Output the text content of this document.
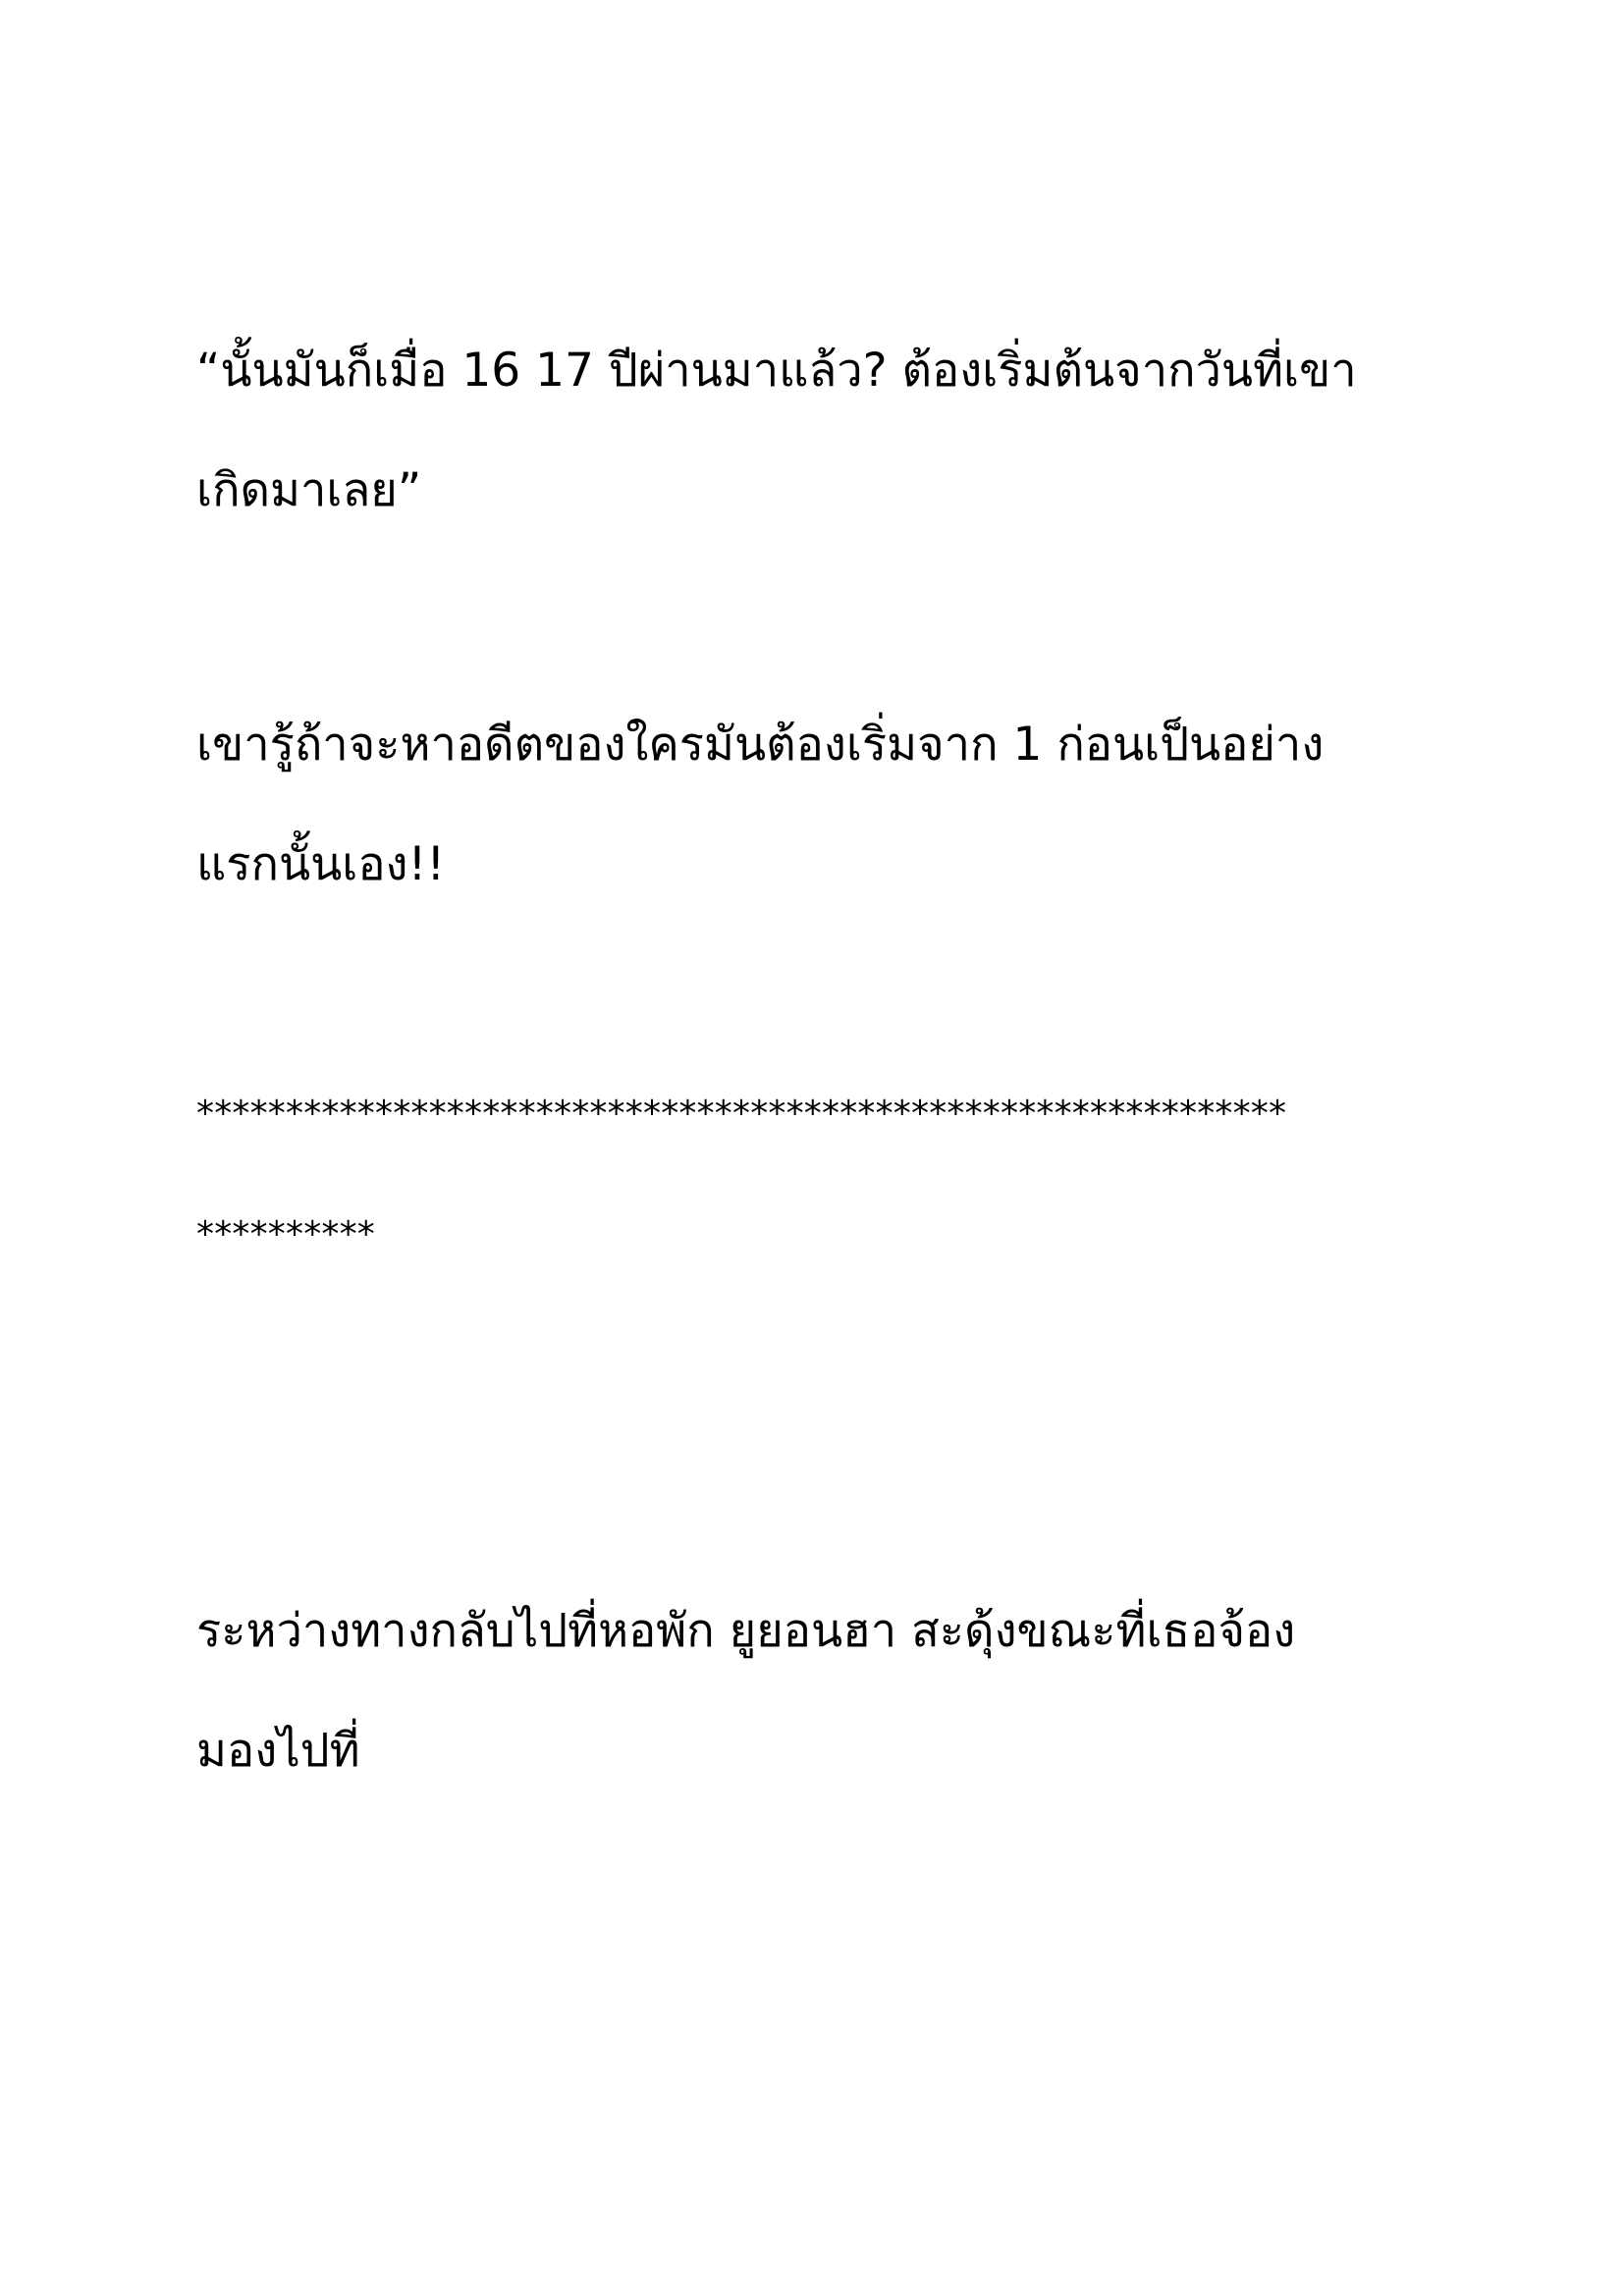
“นั้นมันก็เมื่อ 16 17 ปีผ่านมาแล้ว? ต้องเริ่มต้นจากวันที่เขา

เกิดมาเลย”

เขารู้ถ้าจะหาอดีตของใครมันต้องเริ่มจาก 1 ก่อนเป็นอย่าง

แรกนั้นเอง!!

*************************************************************

**********

ระหว่างทางกลับไปที่หอพัก ยูยอนฮา สะดุ้งขณะที่เธอจ้อง

มองไปที่
